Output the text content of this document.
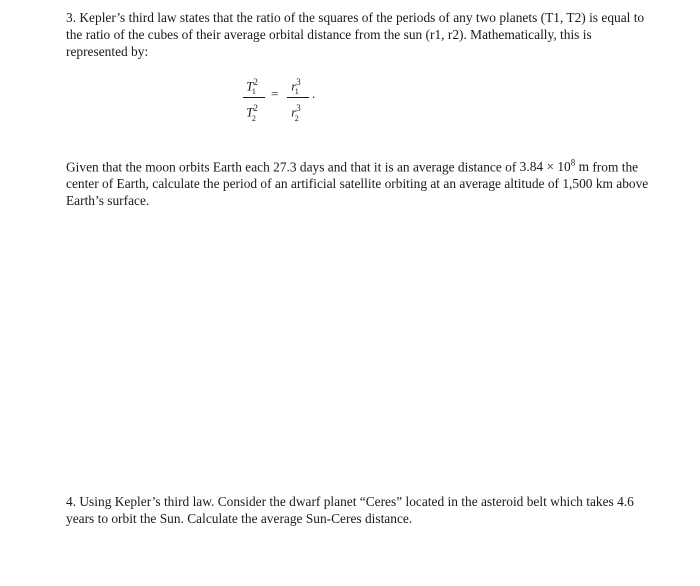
3. Kepler’s third law states that the ratio of the squares of the periods of any two planets (T1, T2) is equal to the ratio of the cubes of their average orbital distance from the sun (r1, r2). Mathematically, this is represented by:

$T^2_1$
$T^2_2$
=
$r^3_1$
$r^3_2$
.

Given that the moon orbits Earth each 27.3 days and that it is an average distance of $3.84 \times 10^8$ m from the center of Earth, calculate the period of an artificial satellite orbiting at an average altitude of 1,500 km above Earth’s surface.

4. Using Kepler’s third law. Consider the dwarf planet “Ceres” located in the asteroid belt which takes 4.6 years to orbit the Sun. Calculate the average Sun-Ceres distance.
